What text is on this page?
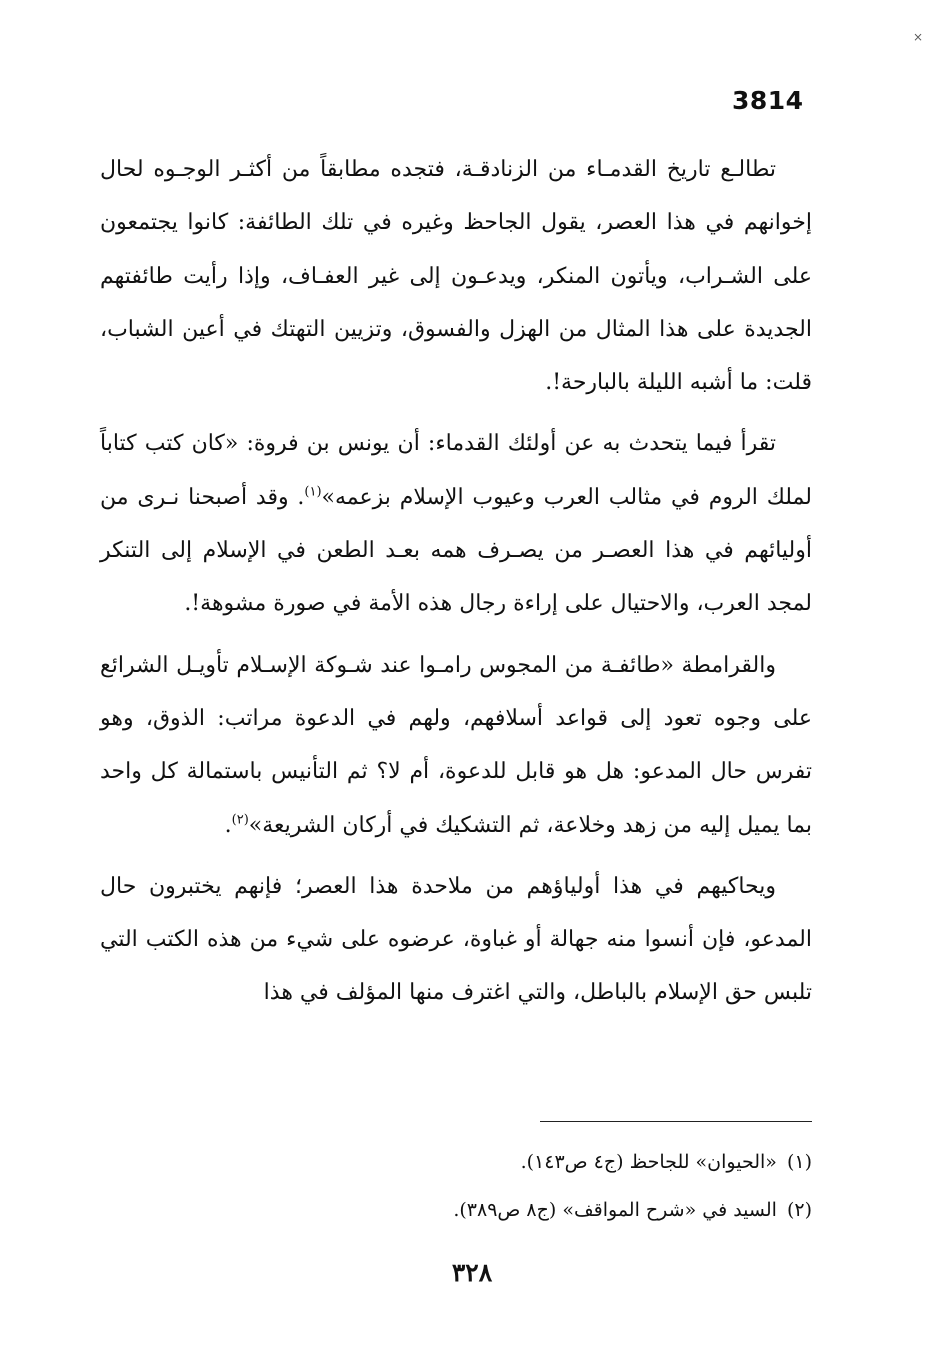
3814
×

تطالـع تاريخ القدمـاء من الزنادقـة، فتجده مطابقاً من أكثـر الوجـوه لحال إخوانهم في هذا العصر، يقول الجاحظ وغيره في تلك الطائفة: كانوا يجتمعون على الشـراب، ويأتون المنكر، ويدعـون إلى غير العفـاف، وإذا رأيت طائفتهم الجديدة على هذا المثال من الهزل والفسوق، وتزيين التهتك في أعين الشباب، قلت: ما أشبه الليلة بالبارحة!.

تقرأ فيما يتحدث به عن أولئك القدماء: أن يونس بن فروة: «كان كتب كتاباً لملك الروم في مثالب العرب وعيوب الإسلام بزعمه»$^{(١)}$. وقد أصبحنا نـرى من أوليائهم في هذا العصـر من يصـرف همه بعـد الطعن في الإسلام إلى التنكر لمجد العرب، والاحتيال على إراءة رجال هذه الأمة في صورة مشوهة!.

والقرامطة «طائفـة من المجوس رامـوا عند شـوكة الإسـلام تأويـل الشرائع على وجوه تعود إلى قواعد أسلافهم، ولهم في الدعوة مراتب: الذوق، وهو تفرس حال المدعو: هل هو قابل للدعوة، أم لا؟ ثم التأنيس باستمالة كل واحد بما يميل إليه من زهد وخلاعة، ثم التشكيك في أركان الشريعة»$^{(٢)}$.

ويحاكيهم في هذا أولياؤهم من ملاحدة هذا العصر؛ فإنهم يختبرون حال المدعو، فإن أنسوا منه جهالة أو غباوة، عرضوه على شيء من هذه الكتب التي تلبس حق الإسلام بالباطل، والتي اغترف منها المؤلف في هذا

(١)«الحيوان» للجاحظ (ج٤ ص١٤٣).

(٢)السيد في «شرح المواقف» (ج٨ ص٣٨٩).

٣٢٨
